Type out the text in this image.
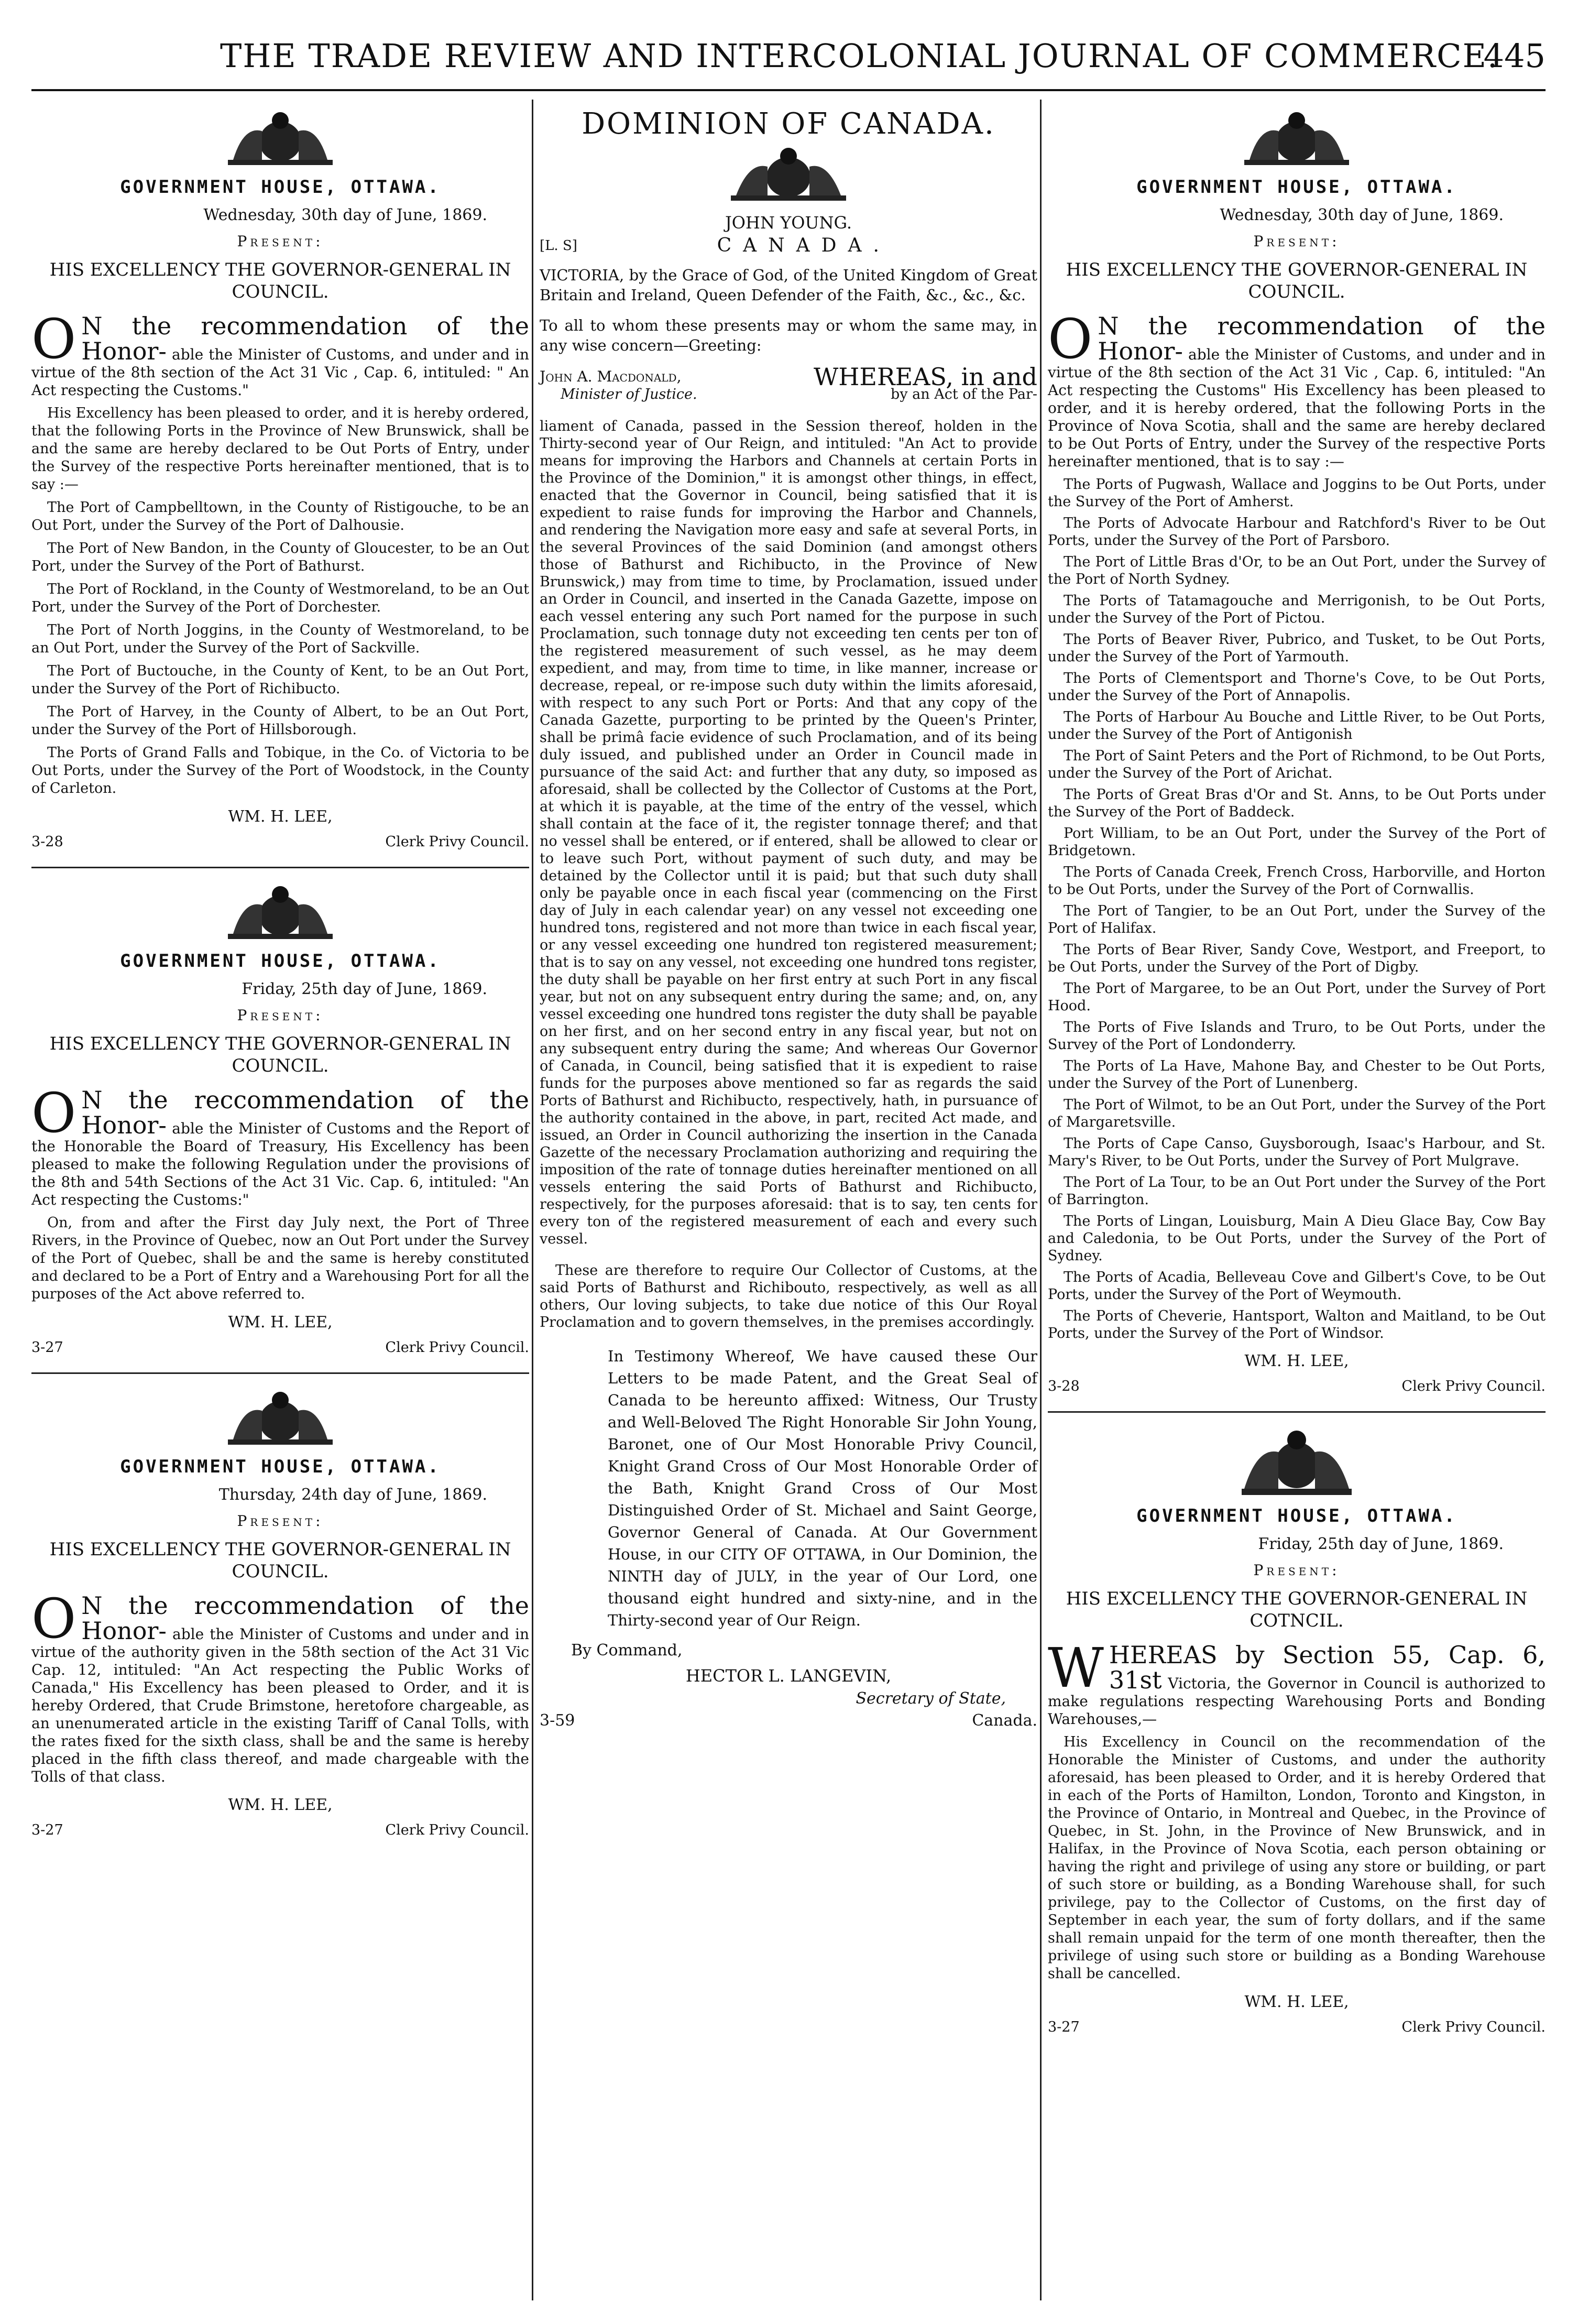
THE TRADE REVIEW AND INTERCOLONIAL JOURNAL OF COMMERCE.
445
GOVERNMENT HOUSE, OTTAWA.
Wednesday, 30th day of June, 1869.
Present:
HIS EXCELLENCY THE GOVERNOR-GENERAL IN COUNCIL.
O N the recommendation of the Honor- able the Minister of Customs, and under and in virtue of the 8th section of the Act 31 Vic , Cap. 6, intituled: " An Act respecting the Customs."

His Excellency has been pleased to order, and it is hereby ordered, that the following Ports in the Province of New Brunswick, shall be and the same are hereby declared to be Out Ports of Entry, under the Survey of the respective Ports hereinafter mentioned, that is to say :—

The Port of Campbelltown, in the County of Ristigouche, to be an Out Port, under the Survey of the Port of Dalhousie.

The Port of New Bandon, in the County of Gloucester, to be an Out Port, under the Survey of the Port of Bathurst.

The Port of Rockland, in the County of Westmoreland, to be an Out Port, under the Survey of the Port of Dorchester.

The Port of North Joggins, in the County of Westmoreland, to be an Out Port, under the Survey of the Port of Sackville.

The Port of Buctouche, in the County of Kent, to be an Out Port, under the Survey of the Port of Richibucto.

The Port of Harvey, in the County of Albert, to be an Out Port, under the Survey of the Port of Hillsborough.

The Ports of Grand Falls and Tobique, in the Co. of Victoria to be Out Ports, under the Survey of the Port of Woodstock, in the County of Carleton.

WM. H. LEE,
3-28	Clerk Privy Council.
GOVERNMENT HOUSE, OTTAWA.
Friday, 25th day of June, 1869.
Present:
HIS EXCELLENCY THE GOVERNOR-GENERAL IN COUNCIL.
O N the reccommendation of the Honor- able the Minister of Customs and the Report of the Honorable the Board of Treasury, His Excellency has been pleased to make the following Regulation under the provisions of the 8th and 54th Sections of the Act 31 Vic. Cap. 6, intituled: "An Act respecting the Customs:"

On, from and after the First day July next, the Port of Three Rivers, in the Province of Quebec, now an Out Port under the Survey of the Port of Quebec, shall be and the same is hereby constituted and declared to be a Port of Entry and a Warehousing Port for all the purposes of the Act above referred to.

WM. H. LEE,
3-27	Clerk Privy Council.
GOVERNMENT HOUSE, OTTAWA.
Thursday, 24th day of June, 1869.
Present:
HIS EXCELLENCY THE GOVERNOR-GENERAL IN COUNCIL.
O N the reccommendation of the Honor- able the Minister of Customs and under and in virtue of the authority given in the 58th section of the Act 31 Vic Cap. 12, intituled: "An Act respecting the Public Works of Canada," His Excellency has been pleased to Order, and it is hereby Ordered, that Crude Brimstone, heretofore chargeable, as an unenumerated article in the existing Tariff of Canal Tolls, with the rates fixed for the sixth class, shall be and the same is hereby placed in the fifth class thereof, and made chargeable with the Tolls of that class.
WM. H. LEE,
3-27	Clerk Privy Council.
DOMINION OF CANADA.
JOHN YOUNG.
[L. S]	CANADA.

VICTORIA, by the Grace of God, of the United Kingdom of Great Britain and Ireland, Queen Defender of the Faith, &c., &c., &c.

To all to whom these presents may or whom the same may, in any wise concern—Greeting:

John A. Macdonald,
Minister of Justice.
WHEREAS, in and
by an Act of the Par-

liament of Canada, passed in the Session thereof, holden in the Thirty-second year of Our Reign, and intituled: "An Act to provide means for improving the Harbors and Channels at certain Ports in the Province of the Dominion," it is amongst other things, in effect, enacted that the Governor in Council, being satisfied that it is expedient to raise funds for improving the Harbor and Channels, and rendering the Navigation more easy and safe at several Ports, in the several Provinces of the said Dominion (and amongst others those of Bathurst and Richibucto, in the Province of New Brunswick,) may from time to time, by Proclamation, issued under an Order in Council, and inserted in the Canada Gazette, impose on each vessel entering any such Port named for the purpose in such Proclamation, such tonnage duty not exceeding ten cents per ton of the registered measurement of such vessel, as he may deem expedient, and may, from time to time, in like manner, increase or decrease, repeal, or re-impose such duty within the limits aforesaid, with respect to any such Port or Ports: And that any copy of the Canada Gazette, purporting to be printed by the Queen's Printer, shall be primâ facie evidence of such Proclamation, and of its being duly issued, and published under an Order in Council made in pursuance of the said Act: and further that any duty, so imposed as aforesaid, shall be collected by the Collector of Customs at the Port, at which it is payable, at the time of the entry of the vessel, which shall contain at the face of it, the register tonnage theref; and that no vessel shall be entered, or if entered, shall be allowed to clear or to leave such Port, without payment of such duty, and may be detained by the Collector until it is paid; but that such duty shall only be payable once in each fiscal year (commencing on the First day of July in each calendar year) on any vessel not exceeding one hundred tons, registered and not more than twice in each fiscal year, or any vessel exceeding one hundred ton registered measurement; that is to say on any vessel, not exceeding one hundred tons register, the duty shall be payable on her first entry at such Port in any fiscal year, but not on any subsequent entry during the same; and, on, any vessel exceeding one hundred tons register the duty shall be payable on her first, and on her second entry in any fiscal year, but not on any subsequent entry during the same; And whereas Our Governor of Canada, in Council, being satisfied that it is expedient to raise funds for the purposes above mentioned so far as regards the said Ports of Bathurst and Richibucto, respectively, hath, in pursuance of the authority contained in the above, in part, recited Act made, and issued, an Order in Council authorizing the insertion in the Canada Gazette of the necessary Proclamation authorizing and requiring the imposition of the rate of tonnage duties hereinafter mentioned on all vessels entering the said Ports of Bathurst and Richibucto, respectively, for the purposes aforesaid: that is to say, ten cents for every ton of the registered measurement of each and every such vessel.

These are therefore to require Our Collector of Customs, at the said Ports of Bathurst and Richibouto, respectively, as well as all others, Our loving subjects, to take due notice of this Our Royal Proclamation and to govern themselves, in the premises accordingly.

In Testimony Whereof, We have caused these Our Letters to be made Patent, and the Great Seal of Canada to be hereunto affixed: Witness, Our Trusty and Well-Beloved The Right Honorable Sir John Young, Baronet, one of Our Most Honorable Privy Council, Knight Grand Cross of Our Most Honorable Order of the Bath, Knight Grand Cross of Our Most Distinguished Order of St. Michael and Saint George, Governor General of Canada. At Our Government House, in our CITY OF OTTAWA, in Our Dominion, the NINTH day of JULY, in the year of Our Lord, one thousand eight hundred and sixty-nine, and in the Thirty-second year of Our Reign.

By Command,
HECTOR L. LANGEVIN,
Secretary of State,
3-59	Canada.
GOVERNMENT HOUSE, OTTAWA.
Wednesday, 30th day of June, 1869.
Present:
HIS EXCELLENCY THE GOVERNOR-GENERAL IN COUNCIL.
O N the recommendation of the Honor- able the Minister of Customs, and under and in virtue of the 8th section of the Act 31 Vic , Cap. 6, intituled: "An Act respecting the Customs" His Excellency has been pleased to order, and it is hereby ordered, that the following Ports in the Province of Nova Scotia, shall and the same are hereby declared to be Out Ports of Entry, under the Survey of the respective Ports hereinafter mentioned, that is to say :—

The Ports of Pugwash, Wallace and Joggins to be Out Ports, under the Survey of the Port of Amherst.

The Ports of Advocate Harbour and Ratchford's River to be Out Ports, under the Survey of the Port of Parsboro.

The Port of Little Bras d'Or, to be an Out Port, under the Survey of the Port of North Sydney.

The Ports of Tatamagouche and Merrigonish, to be Out Ports, under the Survey of the Port of Pictou.

The Ports of Beaver River, Pubrico, and Tusket, to be Out Ports, under the Survey of the Port of Yarmouth.

The Ports of Clementsport and Thorne's Cove, to be Out Ports, under the Survey of the Port of Annapolis.

The Ports of Harbour Au Bouche and Little River, to be Out Ports, under the Survey of the Port of Antigonish

The Port of Saint Peters and the Port of Richmond, to be Out Ports, under the Survey of the Port of Arichat.

The Ports of Great Bras d'Or and St. Anns, to be Out Ports under the Survey of the Port of Baddeck.

Port William, to be an Out Port, under the Survey of the Port of Bridgetown.

The Ports of Canada Creek, French Cross, Harborville, and Horton to be Out Ports, under the Survey of the Port of Cornwallis.

The Port of Tangier, to be an Out Port, under the Survey of the Port of Halifax.

The Ports of Bear River, Sandy Cove, Westport, and Freeport, to be Out Ports, under the Survey of the Port of Digby.

The Port of Margaree, to be an Out Port, under the Survey of Port Hood.

The Ports of Five Islands and Truro, to be Out Ports, under the Survey of the Port of Londonderry.

The Ports of La Have, Mahone Bay, and Chester to be Out Ports, under the Survey of the Port of Lunenberg.

The Port of Wilmot, to be an Out Port, under the Survey of the Port of Margaretsville.

The Ports of Cape Canso, Guysborough, Isaac's Harbour, and St. Mary's River, to be Out Ports, under the Survey of Port Mulgrave.

The Port of La Tour, to be an Out Port under the Survey of the Port of Barrington.

The Ports of Lingan, Louisburg, Main A Dieu Glace Bay, Cow Bay and Caledonia, to be Out Ports, under the Survey of the Port of Sydney.

The Ports of Acadia, Belleveau Cove and Gilbert's Cove, to be Out Ports, under the Survey of the Port of Weymouth.

The Ports of Cheverie, Hantsport, Walton and Maitland, to be Out Ports, under the Survey of the Port of Windsor.

WM. H. LEE,
3-28	Clerk Privy Council.
GOVERNMENT HOUSE, OTTAWA.
Friday, 25th day of June, 1869.
Present:
HIS EXCELLENCY THE GOVERNOR-GENERAL IN COTNCIL.
W HEREAS by Section 55, Cap. 6, 31st Victoria, the Governor in Council is authorized to make regulations respecting Warehousing Ports and Bonding Warehouses,—

His Excellency in Council on the recommendation of the Honorable the Minister of Customs, and under the authority aforesaid, has been pleased to Order, and it is hereby Ordered that in each of the Ports of Hamilton, London, Toronto and Kingston, in the Province of Ontario, in Montreal and Quebec, in the Province of Quebec, in St. John, in the Province of New Brunswick, and in Halifax, in the Province of Nova Scotia, each person obtaining or having the right and privilege of using any store or building, or part of such store or building, as a Bonding Warehouse shall, for such privilege, pay to the Collector of Customs, on the first day of September in each year, the sum of forty dollars, and if the same shall remain unpaid for the term of one month thereafter, then the privilege of using such store or building as a Bonding Warehouse shall be cancelled.

WM. H. LEE,
3-27	Clerk Privy Council.
